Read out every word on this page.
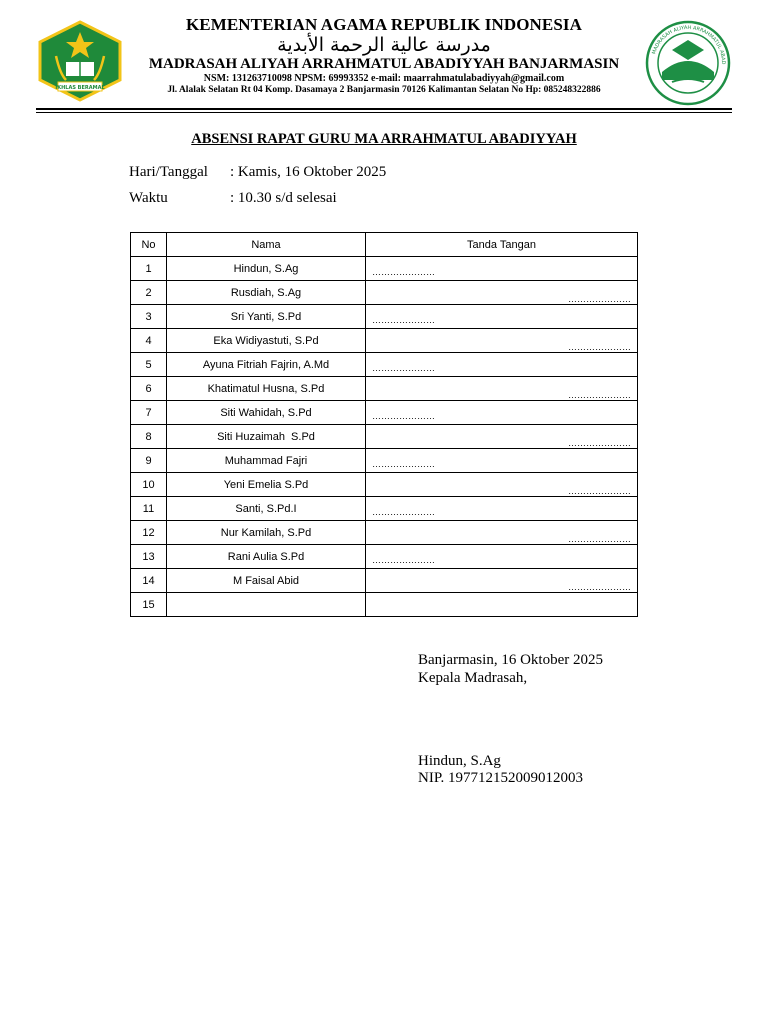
IKHLAS BERAMAL
MADRASAH ALIYAH ARRAHMATUL ABAD
KEMENTERIAN AGAMA REPUBLIK INDONESIA
مدرسة عالية الرحمة الأبدية
MADRASAH ALIYAH ARRAHMATUL ABADIYYAH BANJARMASIN
NSM: 131263710098 NPSM: 69993352 e-mail: maarrahmatulabadiyyah@gmail.com
Jl. Alalak Selatan Rt 04 Komp. Dasamaya 2 Banjarmasin 70126 Kalimantan Selatan No Hp: 085248322886
ABSENSI RAPAT GURU MA ARRAHMATUL ABADIYYAH
Hari/Tanggal : Kamis, 16 Oktober 2025
Waktu	: 10.30 s/d selesai
No	Nama	Tanda Tangan
1	Hindun, S.Ag	…………………

2	Rusdiah, S.Ag	…………………

3	Sri Yanti, S.Pd	…………………

4	Eka Widiyastuti, S.Pd	…………………

5	Ayuna Fitriah Fajrin, A.Md	…………………

6	Khatimatul Husna, S.Pd	…………………

7	Siti Wahidah, S.Pd	…………………

8	Siti Huzaimah  S.Pd	…………………

9	Muhammad Fajri	…………………

10	Yeni Emelia S.Pd	…………………

11	Santi, S.Pd.I	…………………

12	Nur Kamilah, S.Pd	…………………

13	Rani Aulia S.Pd	…………………

14	M Faisal Abid	…………………

15		
Banjarmasin, 16 Oktober 2025
Kepala Madrasah,
Hindun, S.Ag
NIP. 197712152009012003
